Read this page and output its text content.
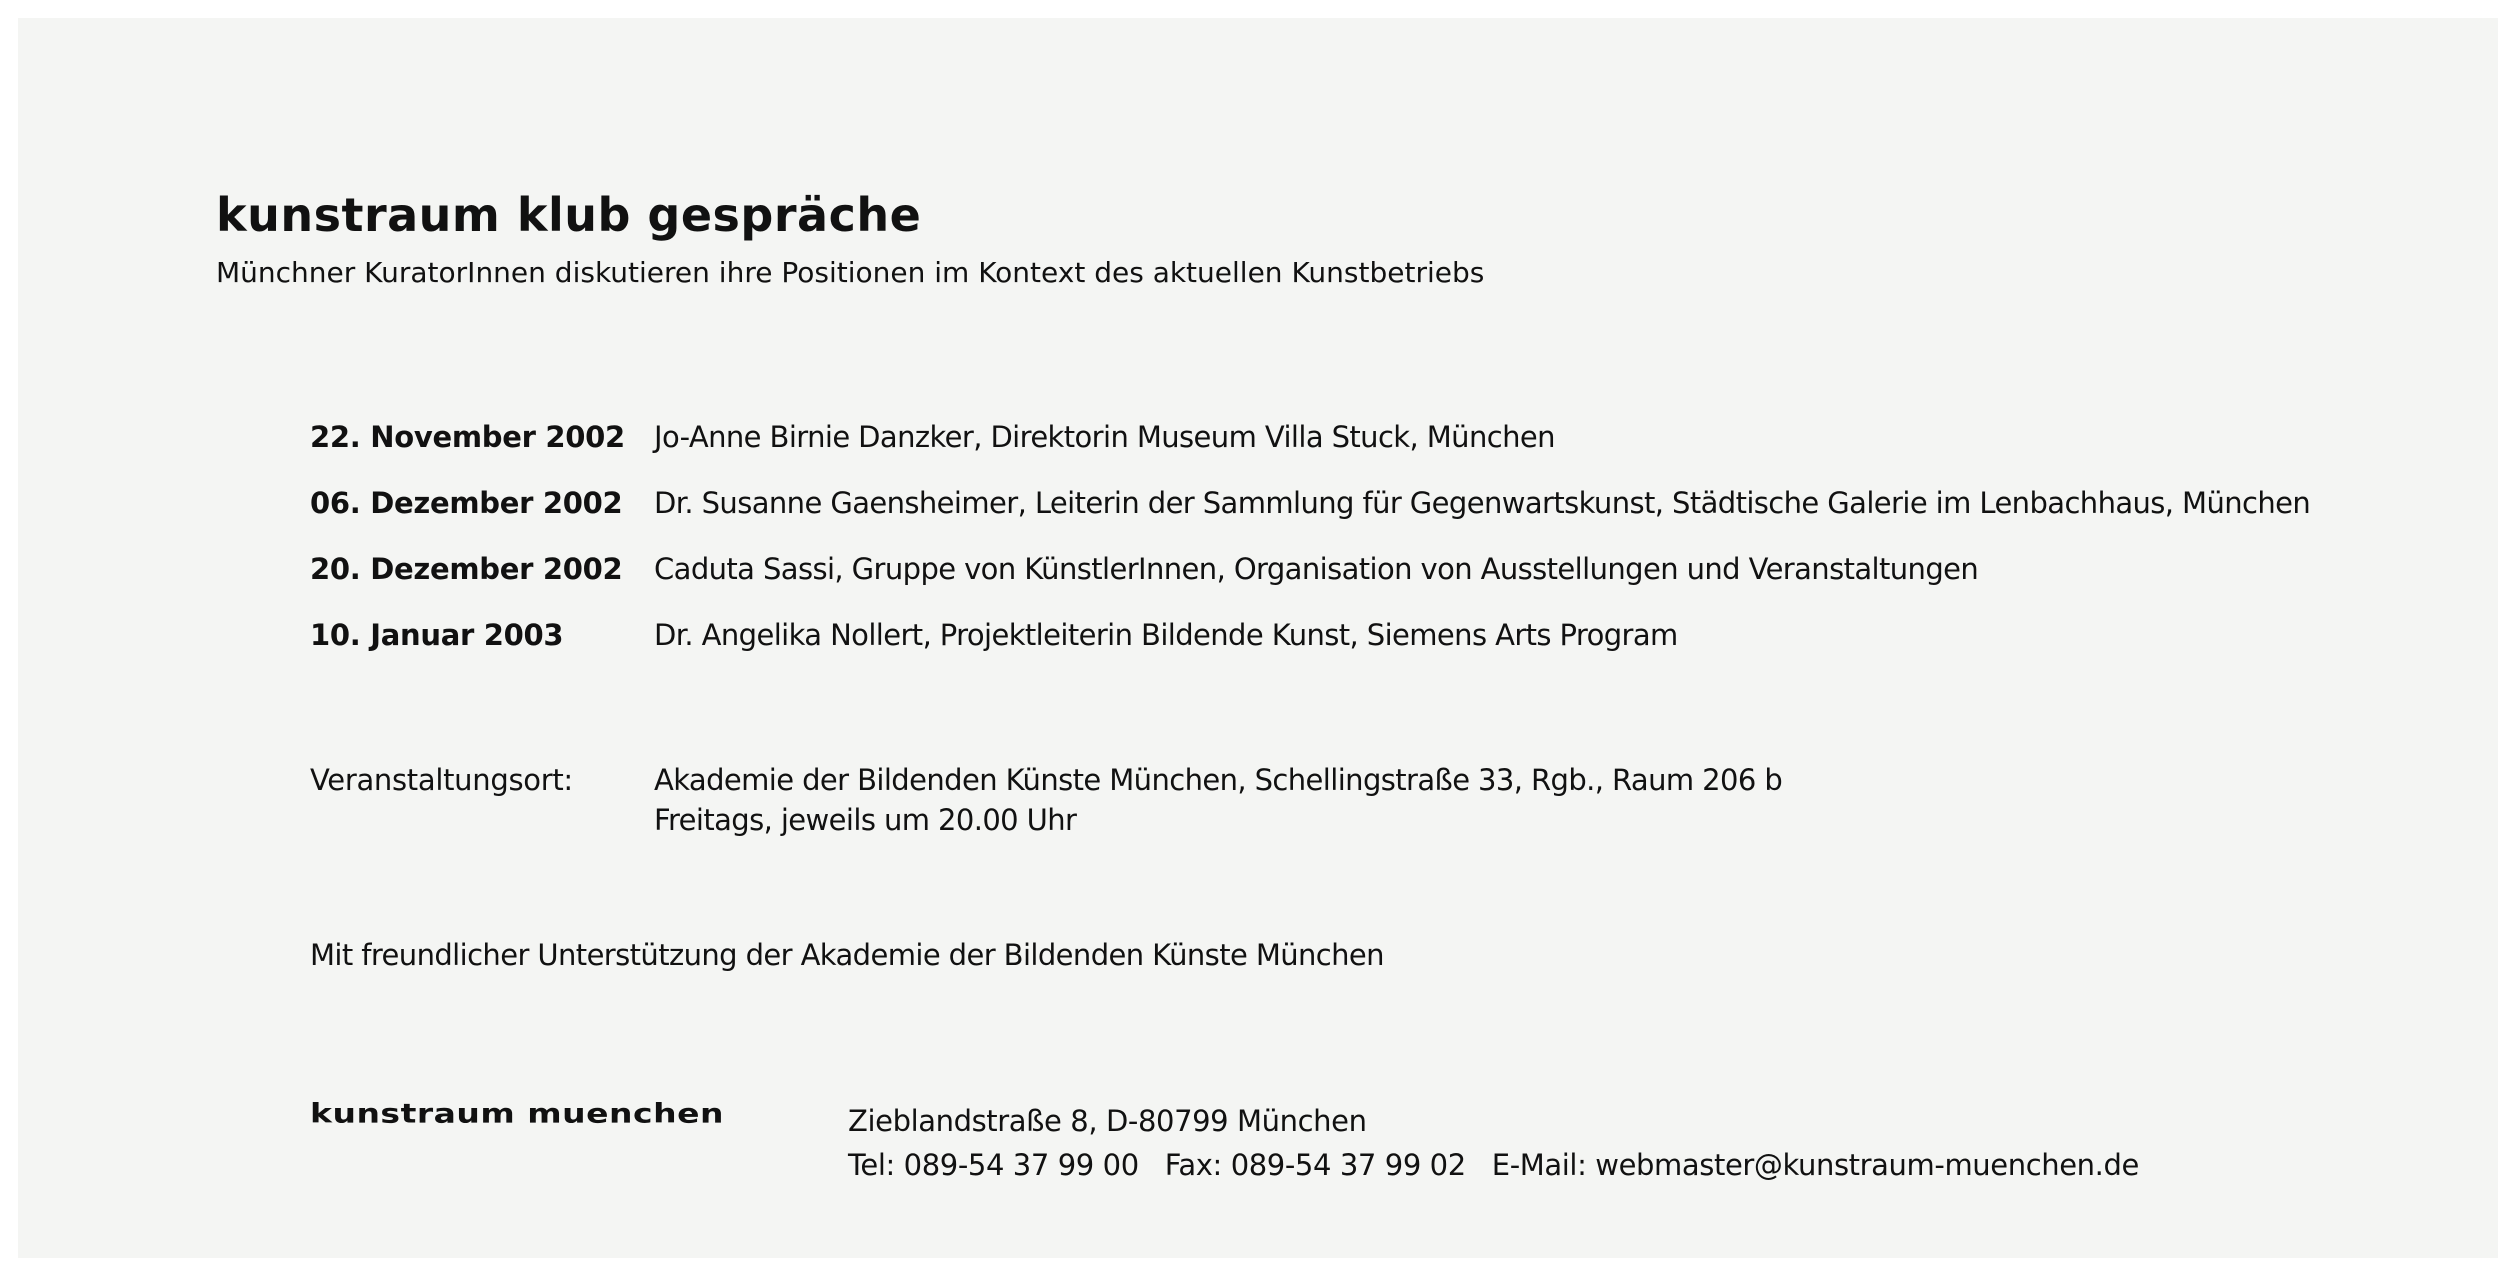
kunstraum klub gespräche
Münchner KuratorInnen diskutieren ihre Positionen im Kontext des aktuellen Kunstbetriebs
22. November 2002 Jo-Anne Birnie Danzker, Direktorin Museum Villa Stuck, München
06. Dezember 2002 Dr. Susanne Gaensheimer, Leiterin der Sammlung für Gegenwartskunst, Städtische Galerie im Lenbachhaus, München
20. Dezember 2002 Caduta Sassi, Gruppe von KünstlerInnen, Organisation von Ausstellungen und Veranstaltungen
10. Januar 2003	Dr. Angelika Nollert, Projektleiterin Bildende Kunst, Siemens Arts Program
Veranstaltungsort:	Akademie der Bildenden Künste München, Schellingstraße 33, Rgb., Raum 206 b
Freitags, jeweils um 20.00 Uhr
Mit freundlicher Unterstützung der Akademie der Bildenden Künste München
kunstraum muenchen	Zieblandstraße 8, D-80799 München
Tel: 089-54 37 99 00 Fax: 089-54 37 99 02 E-Mail: webmaster@kunstraum-muenchen.de
